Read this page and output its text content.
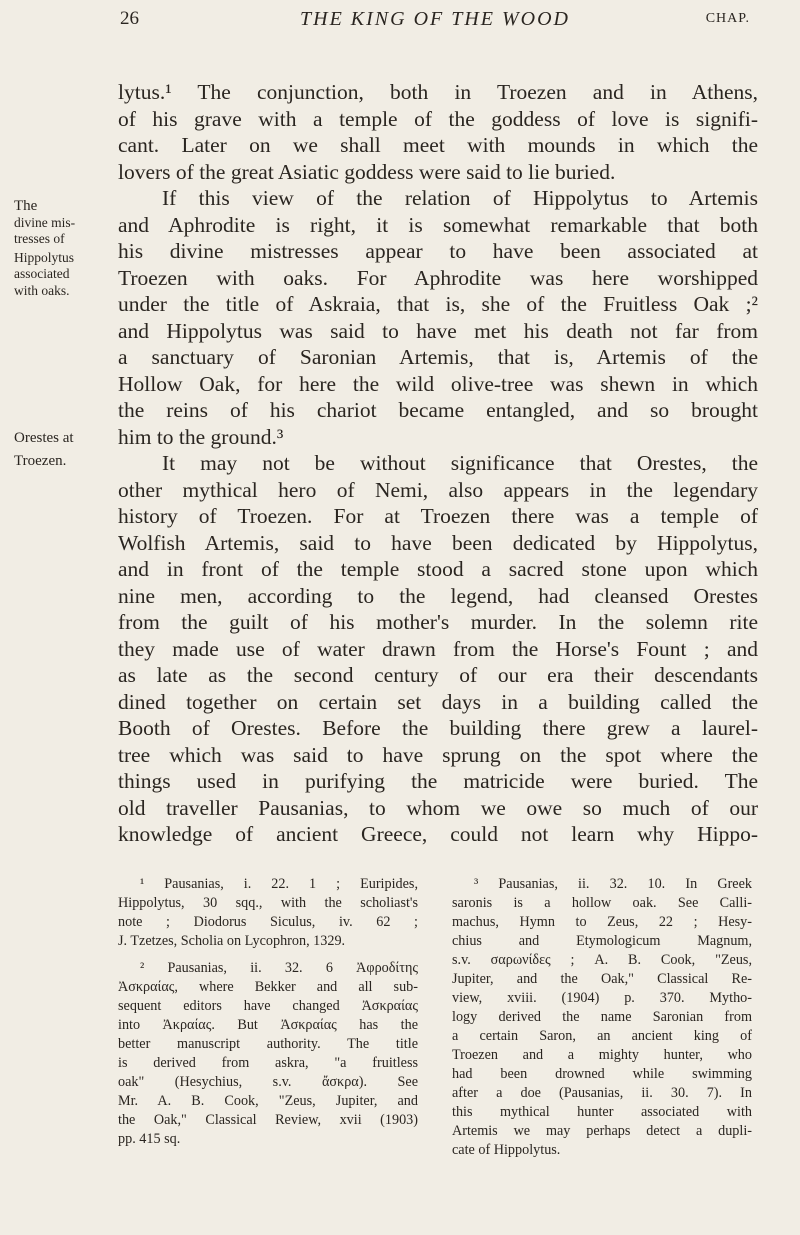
26	THE KING OF THE WOOD	CHAP.
The
divine mis-
tresses of
Hippolytus
associated
with oaks.
Orestes at
Troezen.
lytus.¹ The conjunction, both in Troezen and in Athens,
of his grave with a temple of the goddess of love is signifi-
cant. Later on we shall meet with mounds in which the
lovers of the great Asiatic goddess were said to lie buried.
If this view of the relation of Hippolytus to Artemis
and Aphrodite is right, it is somewhat remarkable that both
his divine mistresses appear to have been associated at
Troezen with oaks. For Aphrodite was here worshipped
under the title of Askraia, that is, she of the Fruitless Oak ;²
and Hippolytus was said to have met his death not far from
a sanctuary of Saronian Artemis, that is, Artemis of the
Hollow Oak, for here the wild olive-tree was shewn in which
the reins of his chariot became entangled, and so brought
him to the ground.³
It may not be without significance that Orestes, the
other mythical hero of Nemi, also appears in the legendary
history of Troezen. For at Troezen there was a temple of
Wolfish Artemis, said to have been dedicated by Hippolytus,
and in front of the temple stood a sacred stone upon which
nine men, according to the legend, had cleansed Orestes
from the guilt of his mother's murder. In the solemn rite
they made use of water drawn from the Horse's Fount ; and
as late as the second century of our era their descendants
dined together on certain set days in a building called the
Booth of Orestes. Before the building there grew a laurel-
tree which was said to have sprung on the spot where the
things used in purifying the matricide were buried. The
old traveller Pausanias, to whom we owe so much of our
knowledge of ancient Greece, could not learn why Hippo-
¹ Pausanias, i. 22. 1 ; Euripides,
Hippolytus, 30 sqq., with the scholiast's
note ; Diodorus Siculus, iv. 62 ;
J. Tzetzes, Scholia on Lycophron, 1329.
² Pausanias, ii. 32. 6 Ἀφροδίτης
Ἀσκραίας, where Bekker and all sub-
sequent editors have changed Ἀσκραίας
into Ἀκραίας. But Ἀσκραίας has the
better manuscript authority. The title
is derived from askra, "a fruitless
oak" (Hesychius, s.v. ἄσκρα). See
Mr. A. B. Cook, "Zeus, Jupiter, and
the Oak," Classical Review, xvii (1903)
pp. 415 sq.
³ Pausanias, ii. 32. 10. In Greek
saronis is a hollow oak. See Calli-
machus, Hymn to Zeus, 22 ; Hesy-
chius and Etymologicum Magnum,
s.v. σαρωνίδες ; A. B. Cook, "Zeus,
Jupiter, and the Oak," Classical Re-
view, xviii. (1904) p. 370. Mytho-
logy derived the name Saronian from
a certain Saron, an ancient king of
Troezen and a mighty hunter, who
had been drowned while swimming
after a doe (Pausanias, ii. 30. 7). In
this mythical hunter associated with
Artemis we may perhaps detect a dupli-
cate of Hippolytus.
